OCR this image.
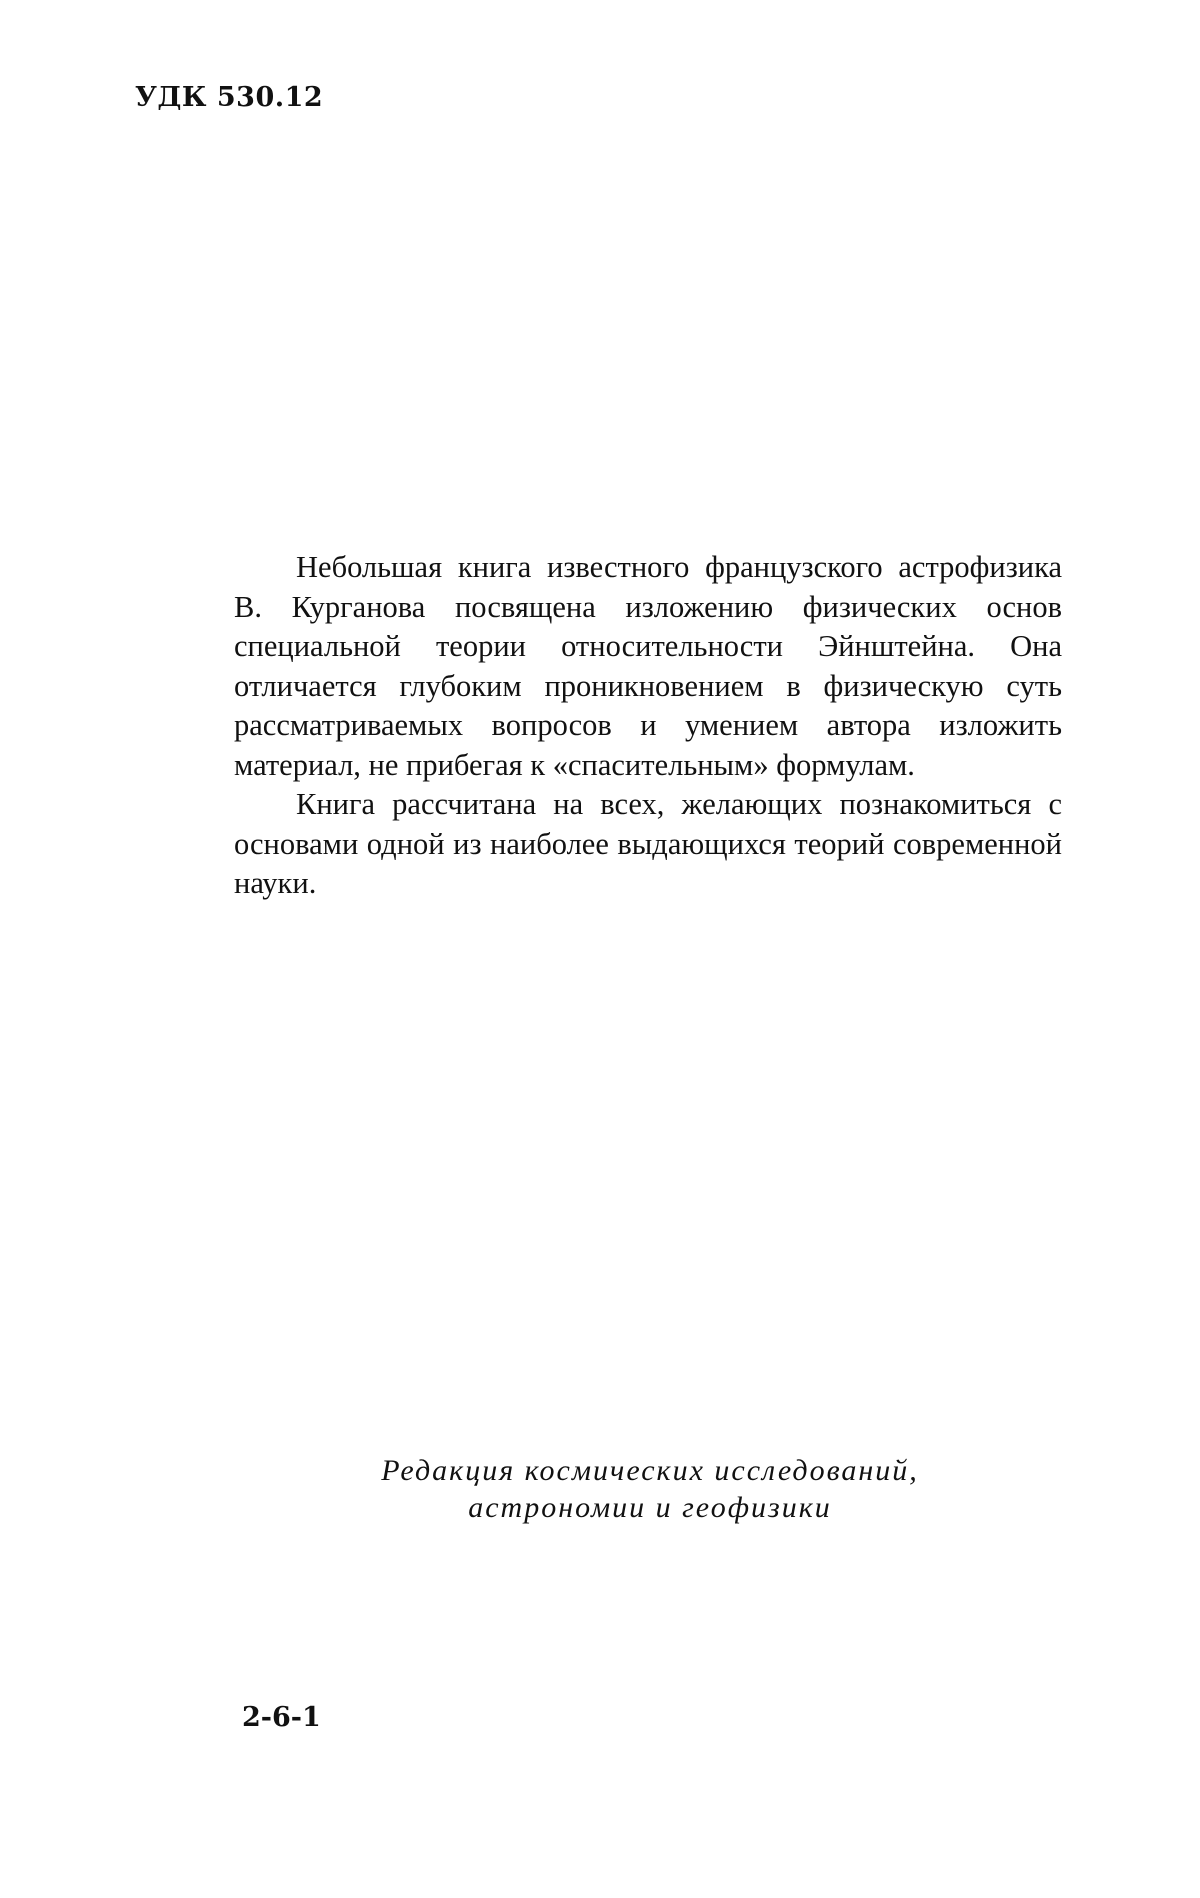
УДК 530.12

Небольшая книга известного французского астрофизика В. Курганова посвящена изложению физических основ специальной теории относительности Эйнштейна. Она отличается глубоким проникновением в физическую суть рассматриваемых вопросов и умением автора изложить материал, не прибегая к «спасительным» формулам.

Книга рассчитана на всех, желающих познакомиться с основами одной из наиболее выдающихся теорий современной науки.

Редакция космических исследований,
астрономии и геофизики
2-6-1
